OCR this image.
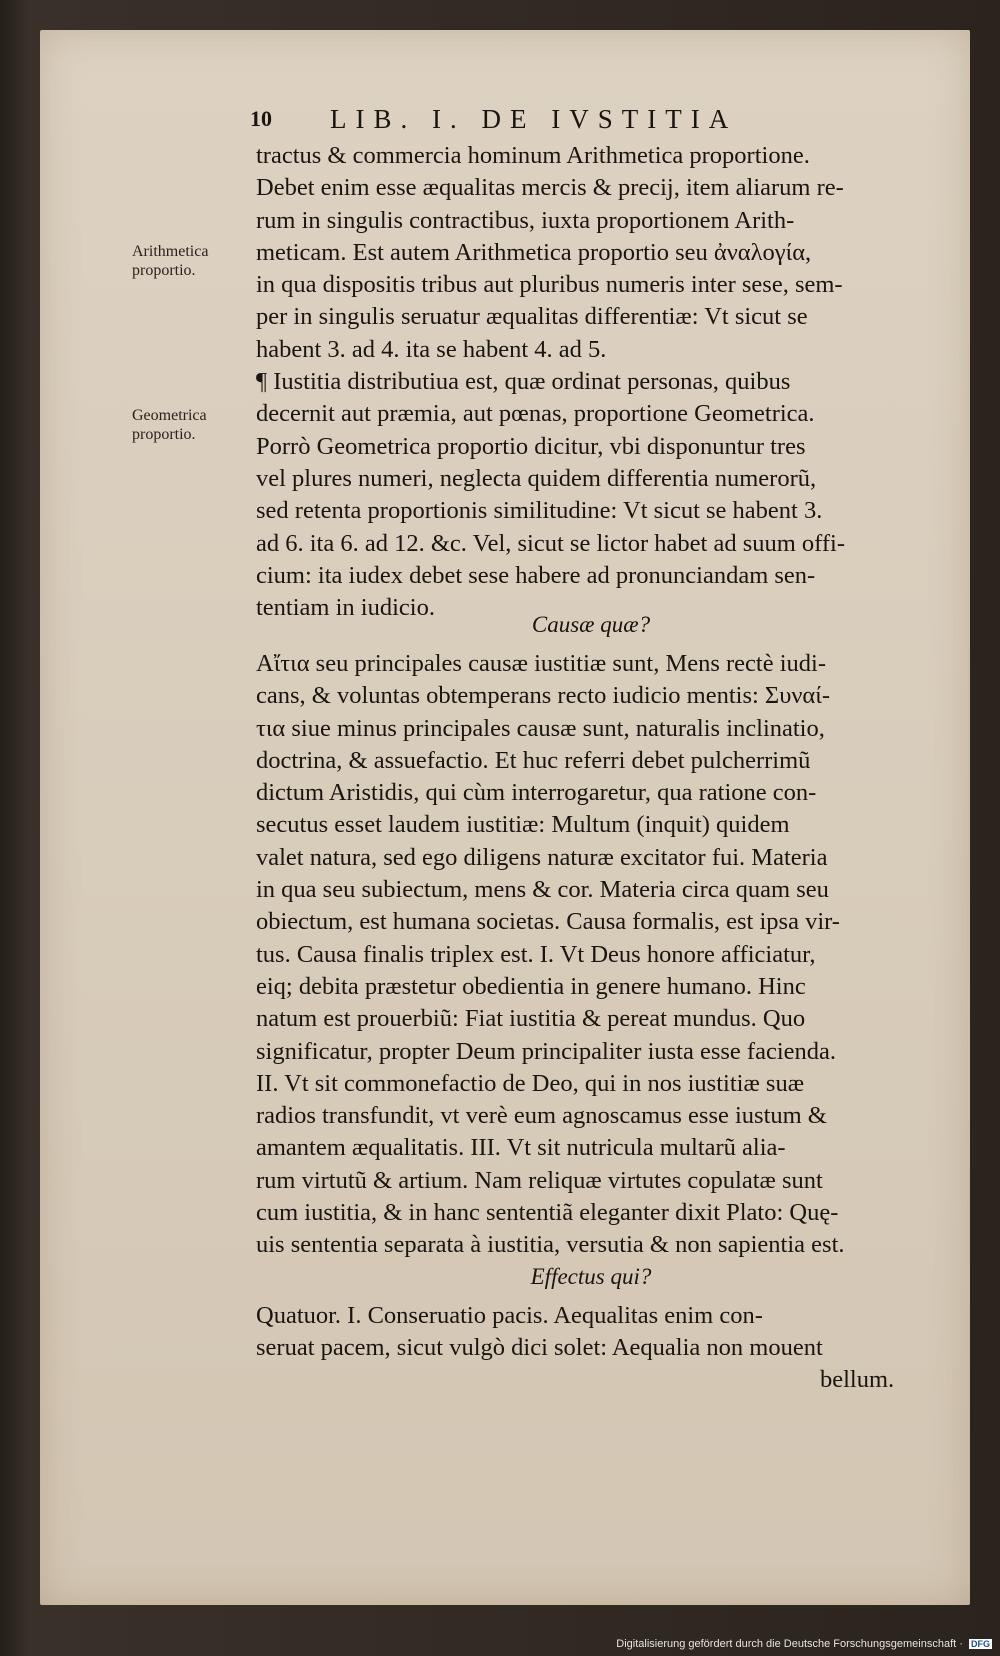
10 LIB. I. DE IVSTITIA
Arithmetica
proportio.
Geometrica
proportio.
tractus & commercia hominum Arithmetica proportione.
Debet enim esse æqualitas mercis & precij, item aliarum re-
rum in singulis contractibus, iuxta proportionem Arith-
meticam. Est autem Arithmetica proportio seu ἀναλογία,
in qua dispositis tribus aut pluribus numeris inter sese, sem-
per in singulis seruatur æqualitas differentiæ: Vt sicut se
habent 3. ad 4. ita se habent 4. ad 5.
¶ Iustitia distributiua est, quæ ordinat personas, quibus
decernit aut præmia, aut pœnas, proportione Geometrica.
Porrò Geometrica proportio dicitur, vbi disponuntur tres
vel plures numeri, neglecta quidem differentia numerorũ,
sed retenta proportionis similitudine: Vt sicut se habent 3.
ad 6. ita 6. ad 12. &c. Vel, sicut se lictor habet ad suum offi-
cium: ita iudex debet sese habere ad pronunciandam sen-
tentiam in iudicio.
Causæ quæ?
Αἴτια seu principales causæ iustitiæ sunt, Mens rectè iudi-
cans, & voluntas obtemperans recto iudicio mentis: Συναί-
τια siue minus principales causæ sunt, naturalis inclinatio,
doctrina, & assuefactio. Et huc referri debet pulcherrimũ
dictum Aristidis, qui cùm interrogaretur, qua ratione con-
secutus esset laudem iustitiæ: Multum (inquit) quidem
valet natura, sed ego diligens naturæ excitator fui. Materia
in qua seu subiectum, mens & cor. Materia circa quam seu
obiectum, est humana societas. Causa formalis, est ipsa vir-
tus. Causa finalis triplex est. I. Vt Deus honore afficiatur,
eiq; debita præstetur obedientia in genere humano. Hinc
natum est prouerbiũ: Fiat iustitia & pereat mundus. Quo
significatur, propter Deum principaliter iusta esse facienda.
II. Vt sit commonefactio de Deo, qui in nos iustitiæ suæ
radios transfundit, vt verè eum agnoscamus esse iustum &
amantem æqualitatis. III. Vt sit nutricula multarũ alia-
rum virtutũ & artium. Nam reliquæ virtutes copulatæ sunt
cum iustitia, & in hanc sententiã eleganter dixit Plato: Quę-
uis sententia separata à iustitia, versutia & non sapientia est.
Effectus qui?
Quatuor. I. Conseruatio pacis. Aequalitas enim con-
seruat pacem, sicut vulgò dici solet: Aequalia non mouent
bellum.
Digitalisierung gefördert durch die Deutsche Forschungsgemeinschaft · DFG
